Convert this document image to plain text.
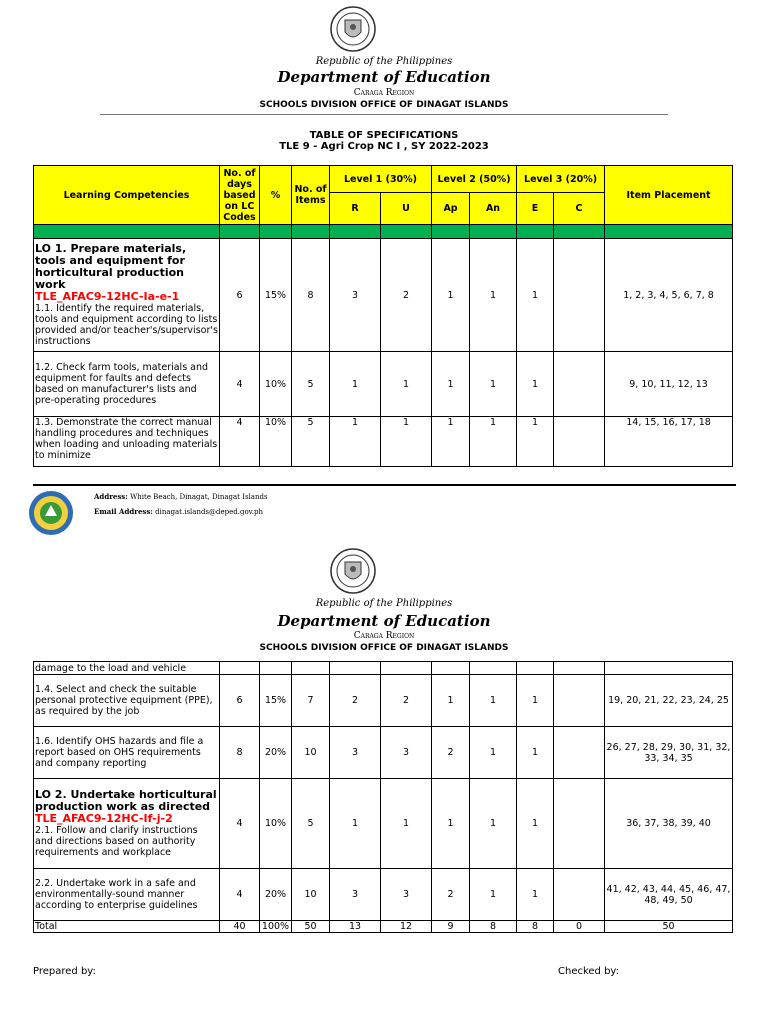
Republic of the Philippines
Department of Education
Caraga Region
SCHOOLS DIVISION OFFICE OF DINAGAT ISLANDS
TABLE OF SPECIFICATIONS
TLE 9 - Agri Crop NC I , SY 2022-2023
Learning Competencies	No. of days based on LC Codes	%	No. of Items	Level 1 (30%)		Level 2 (50%)		Level 3 (20%)		Item Placement
				R	U	Ap	An	E	C	

LO 1. Prepare materials, tools and equipment for horticultural production work
TLE_AFAC9-12HC-Ia-e-1
1.1. Identify the required materials, tools and equipment according to lists provided and/or teacher's/supervisor's instructions	6	15%	8	3	2	1	1	1		1, 2, 3, 4, 5, 6, 7, 8
1.2. Check farm tools, materials and equipment for faults and defects based on manufacturer's lists and pre-operating procedures	4	10%	5	1	1	1	1	1		9, 10, 11, 12, 13
1.3. Demonstrate the correct manual handling procedures and techniques when loading and unloading materials to minimize	4	10%	5	1	1	1	1	1		14, 15, 16, 17, 18
Address: White Beach, Dinagat, Dinagat Islands
Email Address: dinagat.islands@deped.gov.ph
Republic of the Philippines
Department of Education
Caraga Region
SCHOOLS DIVISION OFFICE OF DINAGAT ISLANDS
damage to the load and vehicle										
1.4. Select and check the suitable personal protective equipment (PPE), as required by the job	6	15%	7	2	2	1	1	1		19, 20, 21, 22, 23, 24, 25
1.6. Identify OHS hazards and file a report based on OHS requirements and company reporting	8	20%	10	3	3	2	1	1		26, 27, 28, 29, 30, 31, 32, 33, 34, 35

LO 2. Undertake horticultural production work as directed
TLE_AFAC9-12HC-If-j-2
2.1. Follow and clarify instructions and directions based on authority requirements and workplace	4	10%	5	1	1	1	1	1		36, 37, 38, 39, 40
2.2. Undertake work in a safe and environmentally-sound manner according to enterprise guidelines	4	20%	10	3	3	2	1	1		41, 42, 43, 44, 45, 46, 47, 48, 49, 50
Total	40	100%	50	13	12	9	8	8	0	50
Prepared by:	Checked by:
